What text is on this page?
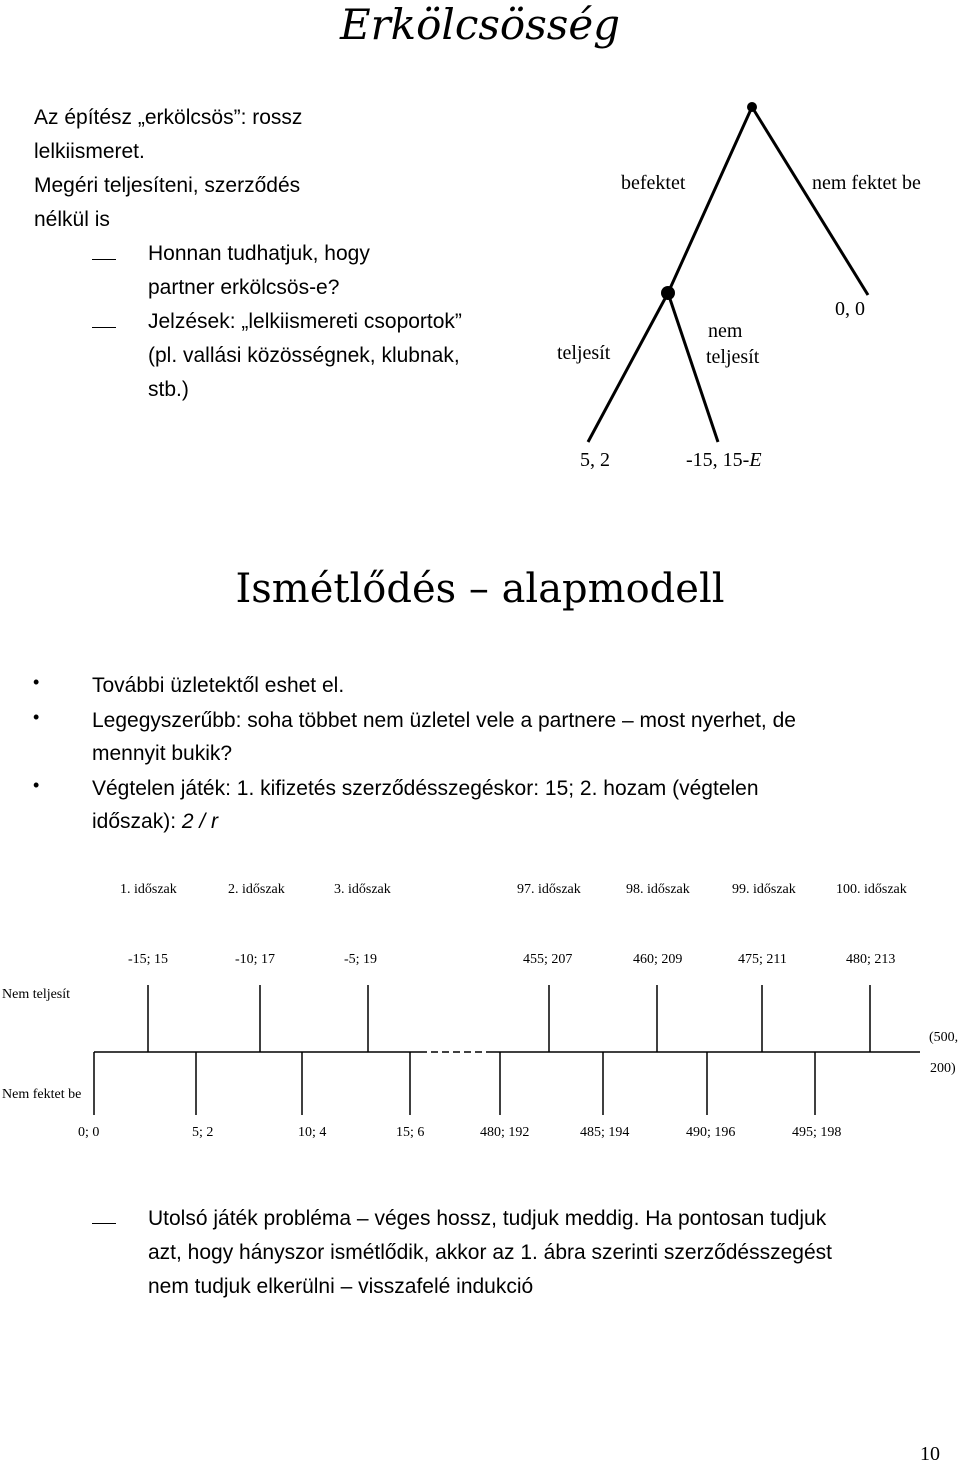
Erkölcsösség
Az építész „erkölcsös”: rossz
lelkiismeret.
Megéri teljesíteni, szerződés
nélkül is
Honnan tudhatjuk, hogy
partner erkölcsös-e?
Jelzések: „lelkiismereti csoportok”
(pl. vallási közösségnek, klubnak,
stb.)
befektet	nem fektet be
0, 0
teljesít
nem
teljesít
5, 2	-15, 15-E
Ismétlődés – alapmodell
•	További üzletektől eshet el.
•	Legegyszerűbb: soha többet nem üzletel vele a partnere – most nyerhet, de
mennyit bukik?
•	Végtelen játék: 1. kifizetés szerződésszegéskor: 15; 2. hozam (végtelen
időszak): 2 / r
1. időszak	2. időszak	3. időszak	97. időszak	98. időszak	99. időszak	100. időszak
-15; 15	-10; 17	-5; 19	455; 207	460; 209	475; 211	480; 213
Nem teljesít
Nem fektet be
(500,
200)
0; 0	5; 2	10; 4	15; 6	480; 192	485; 194	490; 196	495; 198
Utolsó játék probléma – véges hossz, tudjuk meddig. Ha pontosan tudjuk
azt, hogy hányszor ismétlődik, akkor az 1. ábra szerinti szerződésszegést
nem tudjuk elkerülni – visszafelé indukció
10
